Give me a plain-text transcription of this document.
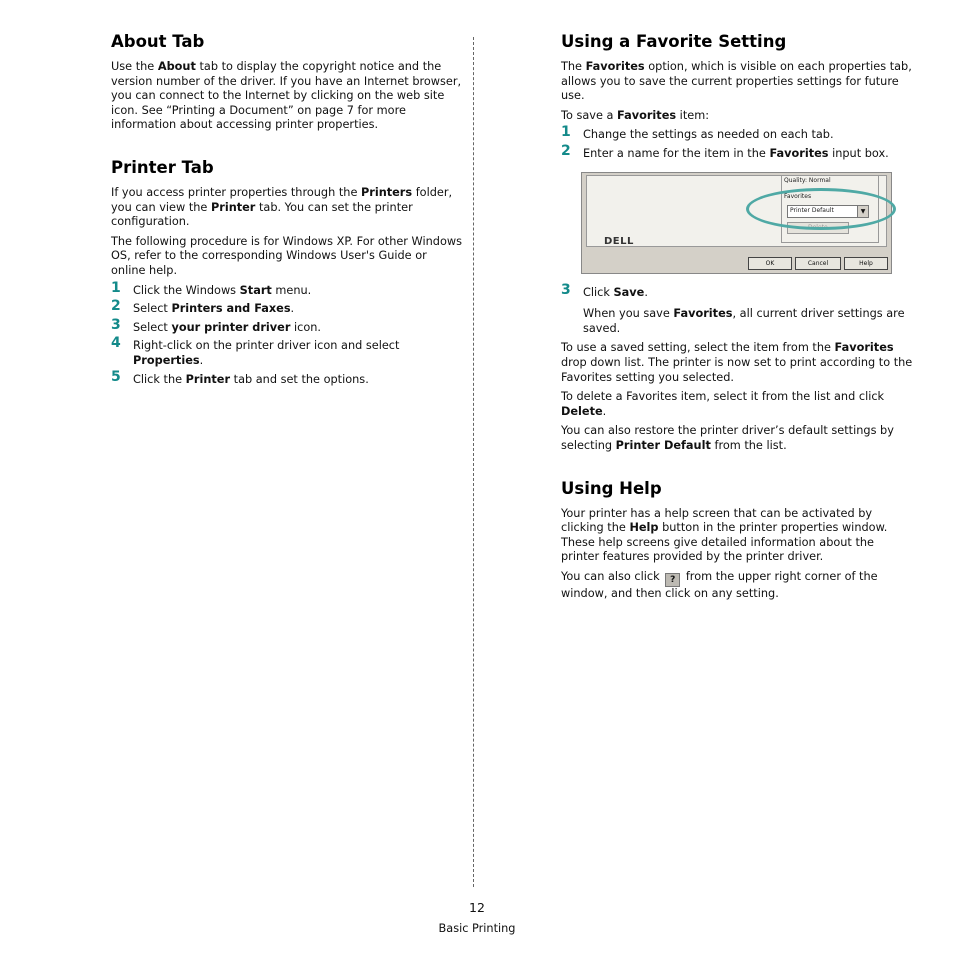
About Tab

Use the About tab to display the copyright notice and the version number of the driver. If you have an Internet browser, you can connect to the Internet by clicking on the web site icon. See “Printing a Document” on page 7 for more information about accessing printer properties.

Printer Tab

If you access printer properties through the Printers folder, you can view the Printer tab. You can set the printer configuration.

The following procedure is for Windows XP. For other Windows OS, refer to the corresponding Windows User's Guide or online help.

1 Click the Windows Start menu.
2 Select Printers and Faxes.
3 Select your printer driver icon.
4 Right-click on the printer driver icon and select Properties.
5 Click the Printer tab and set the options.
Using a Favorite Setting

The Favorites option, which is visible on each properties tab, allows you to save the current properties settings for future use.

To save a Favorites item:

1 Change the settings as needed on each tab.
2 Enter a name for the item in the Favorites input box.
Quality: Normal
Favorites
Printer Default	▼
Delete
DELL
OK	Cancel	Help
3 Click Save.

When you save Favorites, all current driver settings are saved.

To use a saved setting, select the item from the Favorites drop down list. The printer is now set to print according to the Favorites setting you selected.

To delete a Favorites item, select it from the list and click Delete.

You can also restore the printer driver’s default settings by selecting Printer Default from the list.

Using Help

Your printer has a help screen that can be activated by clicking the Help button in the printer properties window. These help screens give detailed information about the printer features provided by the printer driver.

You can also click ? from the upper right corner of the window, and then click on any setting.

12
Basic Printing
